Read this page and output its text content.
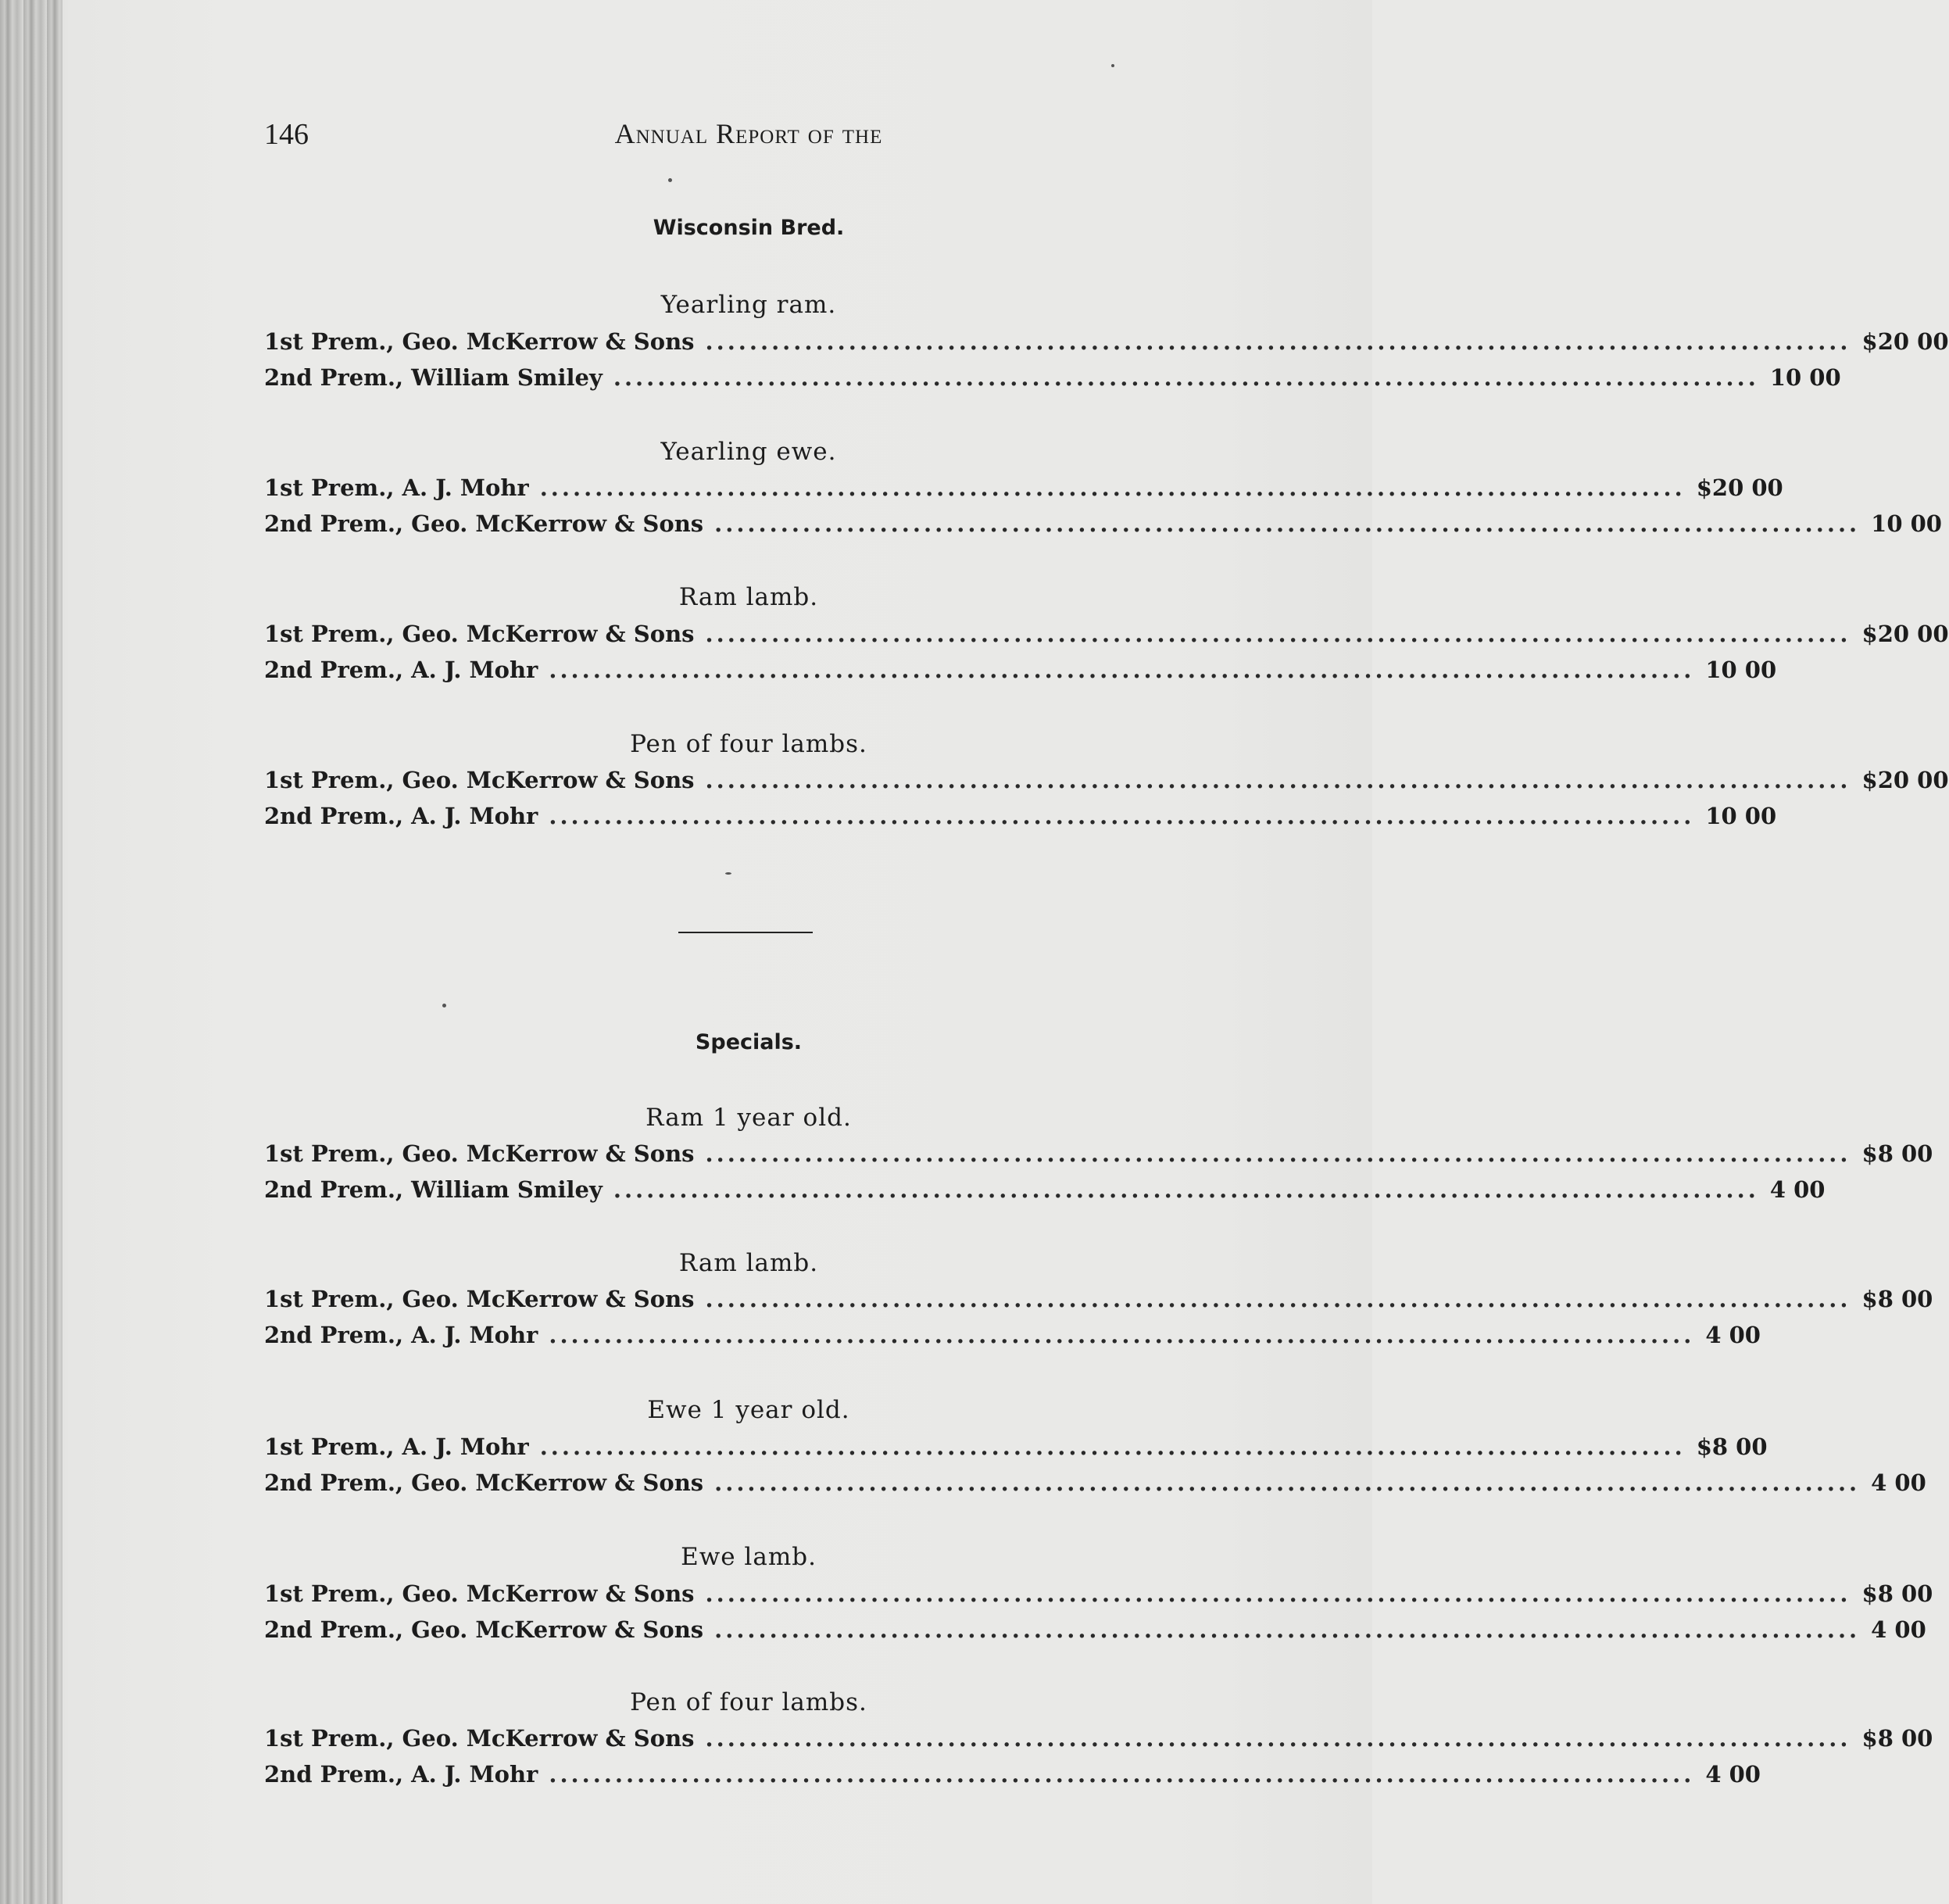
146	Annual Report of the
Wisconsin Bred.
Yearling ram.
1st Prem.,
Geo. McKerrow & Sons ........................................................................................................ $20 00
2nd Prem.,
William Smiley ........................................................................................................ 10 00
Yearling ewe.
1st Prem.,
A. J. Mohr ........................................................................................................ $20 00
2nd Prem.,
Geo. McKerrow & Sons ........................................................................................................ 10 00
Ram lamb.
1st Prem.,
Geo. McKerrow & Sons ........................................................................................................ $20 00
2nd Prem.,
A. J. Mohr ........................................................................................................ 10 00
Pen of four lambs.
1st Prem.,
Geo. McKerrow & Sons ........................................................................................................ $20 00
2nd Prem.,
A. J. Mohr ........................................................................................................ 10 00
Specials.
Ram 1 year old.
1st Prem.,
Geo. McKerrow & Sons ........................................................................................................ $8 00
2nd Prem.,
William Smiley ........................................................................................................ 4 00
Ram lamb.
1st Prem.,
Geo. McKerrow & Sons ........................................................................................................ $8 00
2nd Prem.,
A. J. Mohr ........................................................................................................ 4 00
Ewe 1 year old.
1st Prem.,
A. J. Mohr ........................................................................................................ $8 00
2nd Prem.,
Geo. McKerrow & Sons ........................................................................................................ 4 00
Ewe lamb.
1st Prem.,
Geo. McKerrow & Sons ........................................................................................................ $8 00
2nd Prem.,
Geo. McKerrow & Sons ........................................................................................................ 4 00
Pen of four lambs.
1st Prem.,
Geo. McKerrow & Sons ........................................................................................................ $8 00
2nd Prem.,
A. J. Mohr ........................................................................................................ 4 00
